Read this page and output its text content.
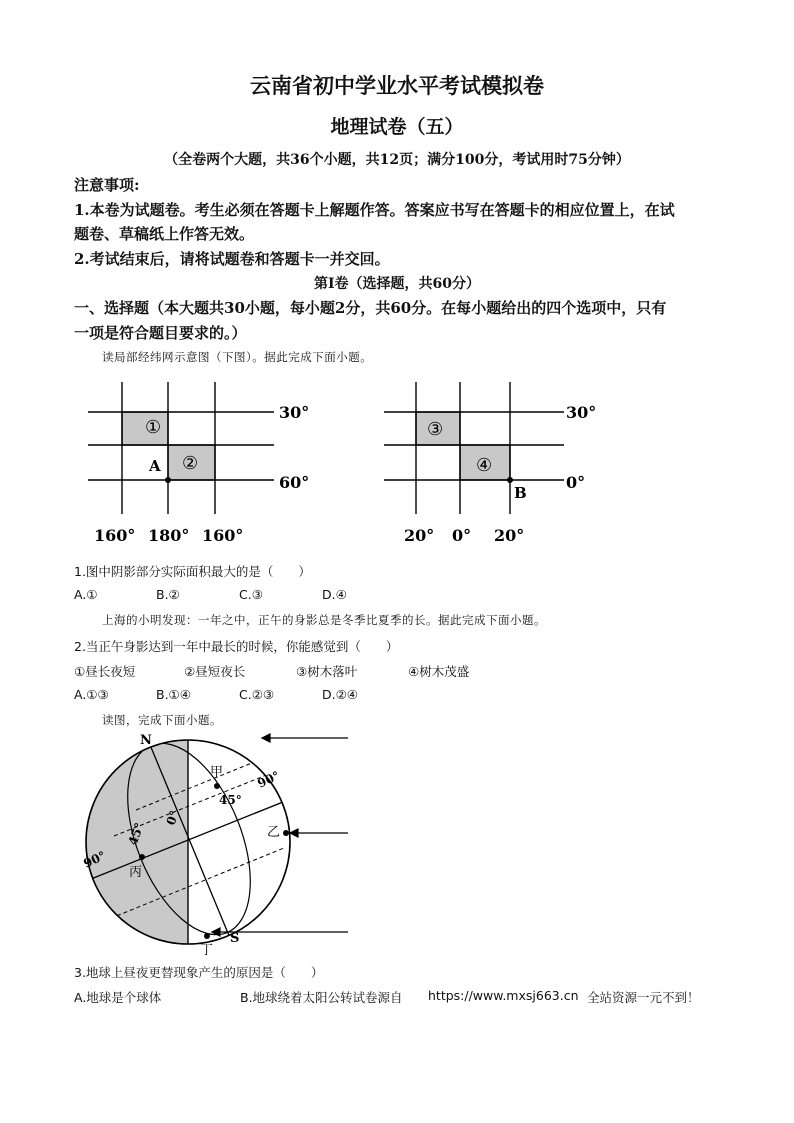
云南省初中学业水平考试模拟卷
地理试卷（五）
（全卷两个大题，共36个小题，共12页；满分100分，考试用时75分钟）
注意事项:
1.本卷为试题卷。考生必须在答题卡上解题作答。答案应书写在答题卡的相应位置上，在试
题卷、草稿纸上作答无效。
2.考试结束后，请将试题卷和答题卡一并交回。
第Ⅰ卷（选择题，共60分）
一、选择题（本大题共30小题，每小题2分，共60分。在每小题给出的四个选项中，只有
一项是符合题目要求的。）
读局部经纬网示意图（下图）。据此完成下面小题。
①
②
A
30°
60°
160° 180° 160°
③
④
B
30°
0°
20° 0° 20°
1.图中阴影部分实际面积最大的是（　　）
A.①	B.②	C.③	D.④
上海的小明发现：一年之中，正午的身影总是冬季比夏季的长。据此完成下面小题。
2.当正午身影达到一年中最长的时候，你能感觉到（　　）
①昼长夜短	②昼短夜长	③树木落叶	④树木茂盛
A.①③	B.①④	C.②③	D.②④
读图，完成下面小题。
N
S
甲
乙
丙
丁
90°
45°
0°
45°
90°
3.地球上昼夜更替现象产生的原因是（　　）
A.地球是个球体	B.地球绕着太阳公转试卷源自 https://www.mxsj663.cn 全站资源一元不到！
